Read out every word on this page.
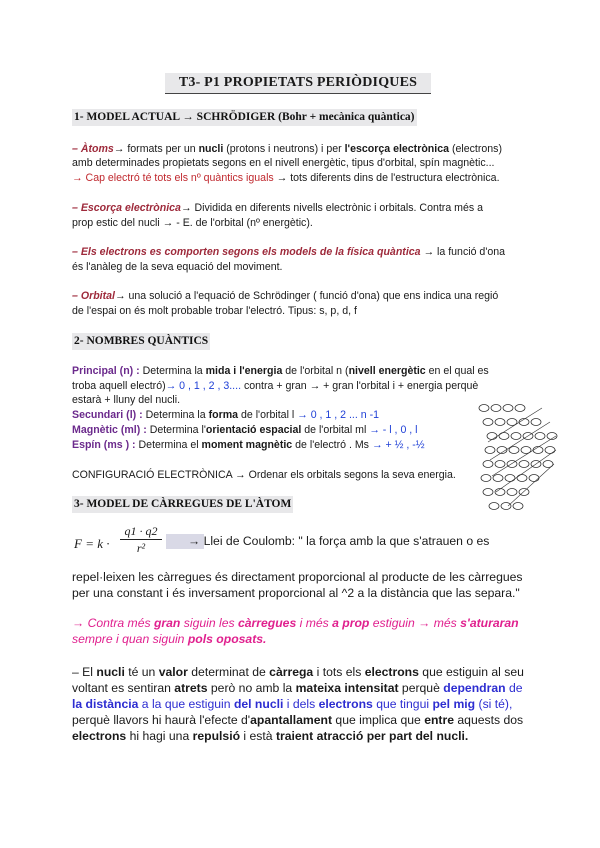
T3- P1 PROPIETATS PERIÒDIQUES
1- MODEL ACTUAL → SCHRÖDIGER (Bohr + mecànica quàntica)
– Àtoms→ formats per un nucli (protons i neutrons) i per l'escorça electrònica (electrons)
amb determinades propietats segons en el nivell energètic, tipus d'orbital, spín magnètic...
→ Cap electró té tots els nº quàntics iguals → tots diferents dins de l'estructura electrònica.
– Escorça electrònica→ Dividida en diferents nivells electrònic i orbitals. Contra més a
prop estic del nucli → - E. de l'orbital (nº energètic).
– Els electrons es comporten segons els models de la física quàntica → la funció d'ona
és l'anàleg de la seva equació del moviment.
– Orbital→ una solució a l'equació de Schrödinger ( funció d'ona) que ens indica una regió
de l'espai on és molt probable trobar l'electró. Tipus: s, p, d, f
2- NOMBRES QUÀNTICS
Principal (n) : Determina la mida i l'energia de l'orbital n (nivell energètic en el qual es
troba aquell electró)→ 0 , 1 , 2 , 3.... contra + gran → + gran l'orbital i + energia perquè
estarà + lluny del nucli.
Secundari (l) : Determina la forma de l'orbital l → 0 , 1 , 2 ... n -1
Magnètic (ml) : Determina l'orientació espacial de l'orbital ml → - l , 0 , l
Espín (ms ) : Determina el moment magnètic de l'electró . Ms → + ½ , -½
CONFIGURACIÓ ELECTRÒNICA → Ordenar els orbitals segons la seva energia.
3- MODEL DE CÀRREGUES DE L'ÀTOM
F = k ·
q1 · q2
r²	→ Llei de Coulomb: " la força amb la que s'atrauen o es
repel·leixen les càrregues és directament proporcional al producte de les càrregues
per una constant i és inversament proporcional al ^2 a la distància que las separa."
→ Contra més gran siguin les càrregues i més a prop estiguin → més s'aturaran
sempre i quan siguin pols oposats.
– El nucli té un valor determinat de càrrega i tots els electrons que estiguin al seu
voltant es sentiran atrets però no amb la mateixa intensitat perquè dependran de
la distància a la que estiguin del nucli i dels electrons que tingui pel mig (si té),
perquè llavors hi haurà l'efecte d'apantallament que implica que entre aquests dos
electrons hi hagi una repulsió i està traient atracció per part del nucli.
